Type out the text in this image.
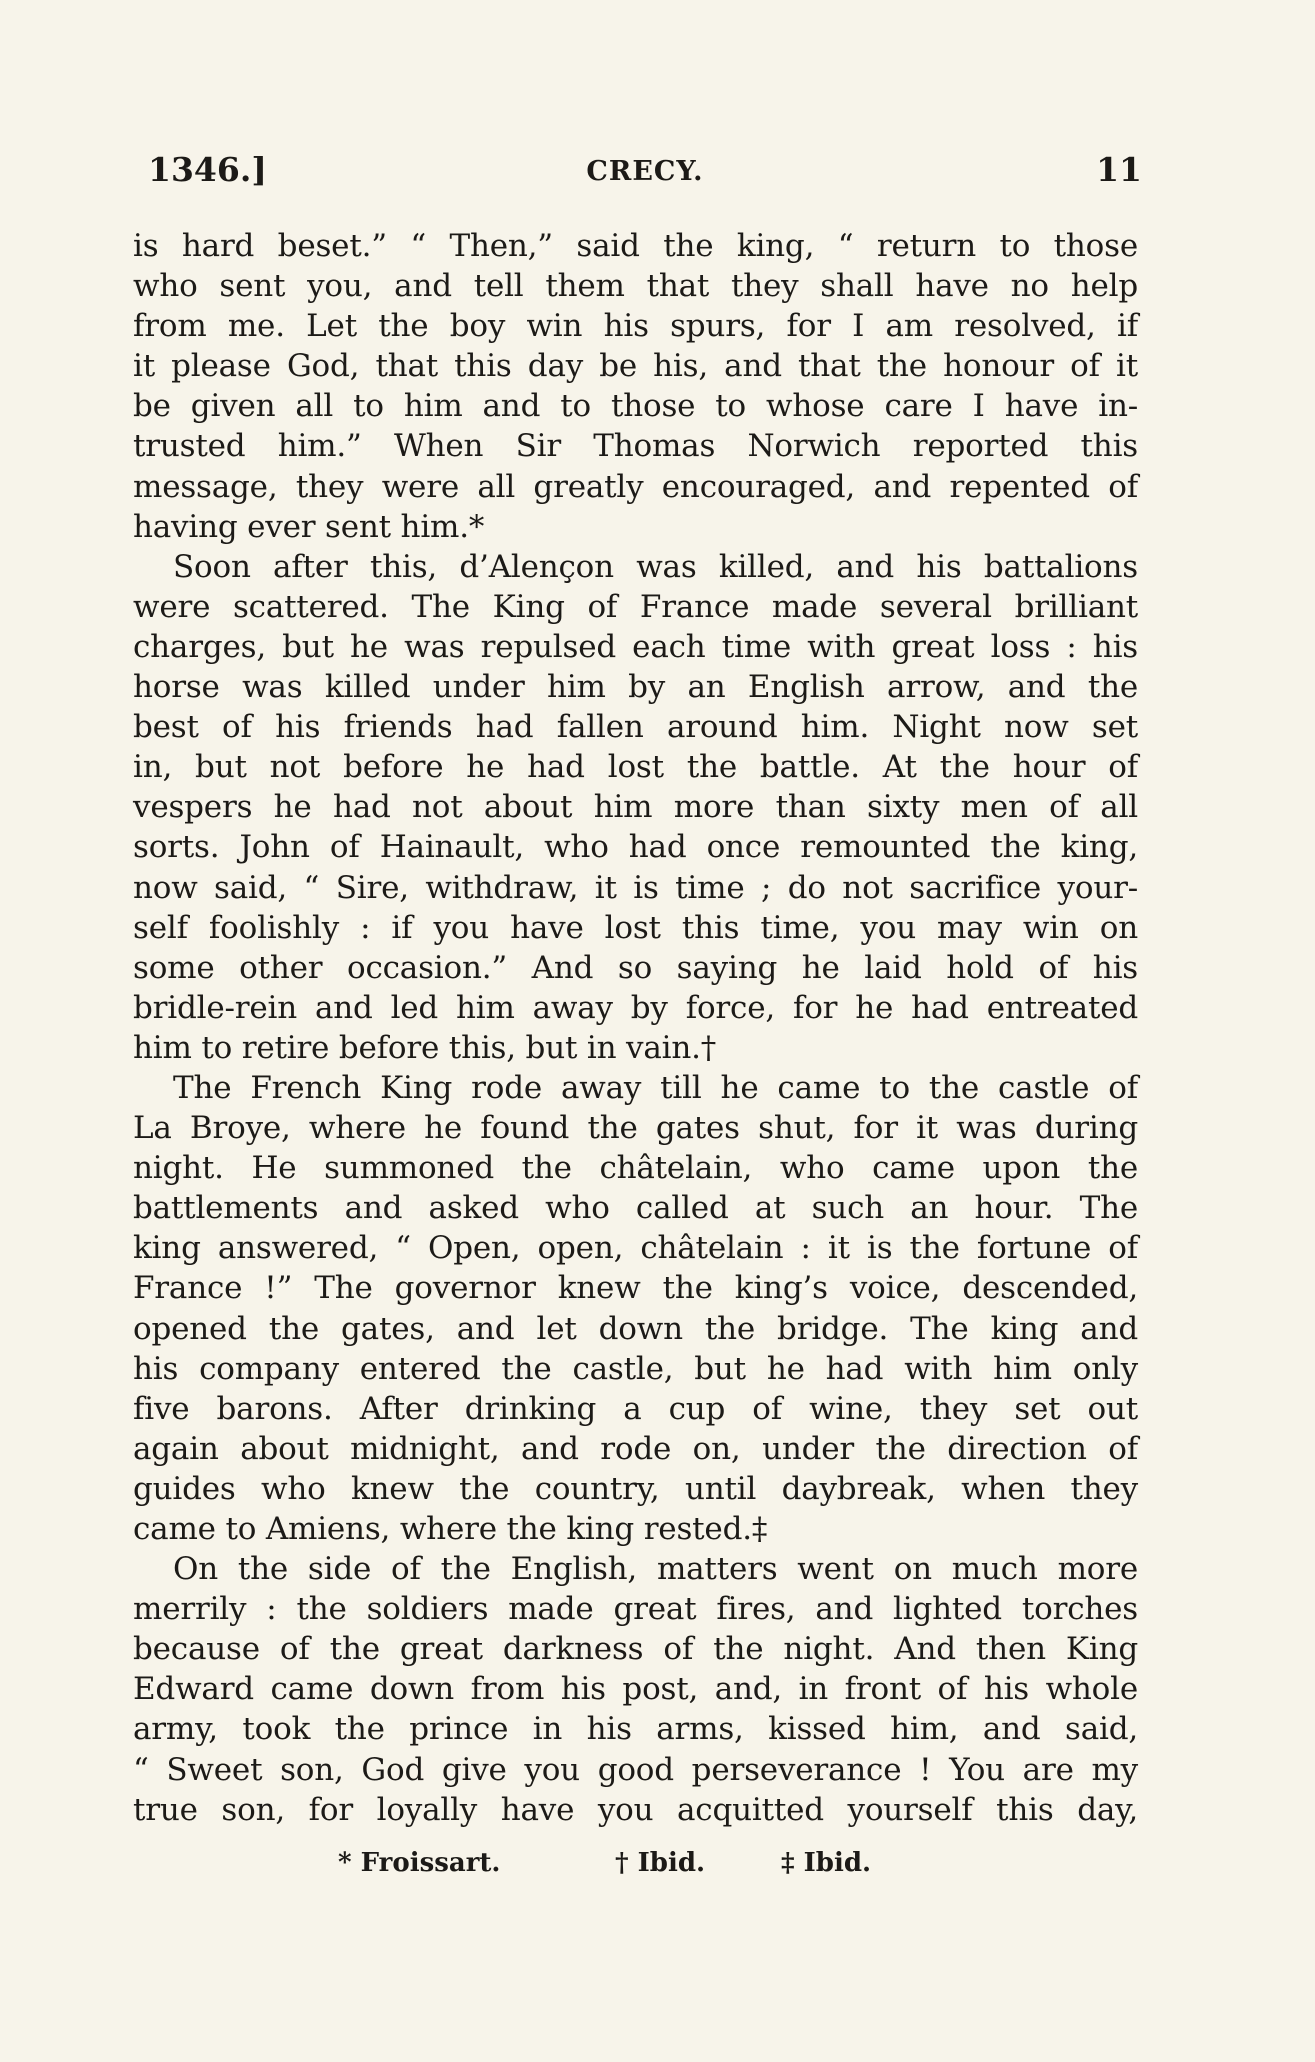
1346.]	CRECY.	11
is hard beset.” “ Then,” said the king, “ return to those
who sent you, and tell them that they shall have no help
from me. Let the boy win his spurs, for I am resolved, if
it please God, that this day be his, and that the honour of it
be given all to him and to those to whose care I have in-
trusted him.” When Sir Thomas Norwich reported this
message, they were all greatly encouraged, and repented of
having ever sent him.*
Soon after this, d’Alençon was killed, and his battalions
were scattered. The King of France made several brilliant
charges, but he was repulsed each time with great loss : his
horse was killed under him by an English arrow, and the
best of his friends had fallen around him. Night now set
in, but not before he had lost the battle. At the hour of
vespers he had not about him more than sixty men of all
sorts. John of Hainault, who had once remounted the king,
now said, “ Sire, withdraw, it is time ; do not sacrifice your-
self foolishly : if you have lost this time, you may win on
some other occasion.” And so saying he laid hold of his
bridle-rein and led him away by force, for he had entreated
him to retire before this, but in vain.†
The French King rode away till he came to the castle of
La Broye, where he found the gates shut, for it was during
night. He summoned the châtelain, who came upon the
battlements and asked who called at such an hour. The
king answered, “ Open, open, châtelain : it is the fortune of
France !” The governor knew the king’s voice, descended,
opened the gates, and let down the bridge. The king and
his company entered the castle, but he had with him only
five barons. After drinking a cup of wine, they set out
again about midnight, and rode on, under the direction of
guides who knew the country, until daybreak, when they
came to Amiens, where the king rested.‡
On the side of the English, matters went on much more
merrily : the soldiers made great fires, and lighted torches
because of the great darkness of the night. And then King
Edward came down from his post, and, in front of his whole
army, took the prince in his arms, kissed him, and said,
“ Sweet son, God give you good perseverance ! You are my
true son, for loyally have you acquitted yourself this day,
* Froissart.	† Ibid.	‡ Ibid.
